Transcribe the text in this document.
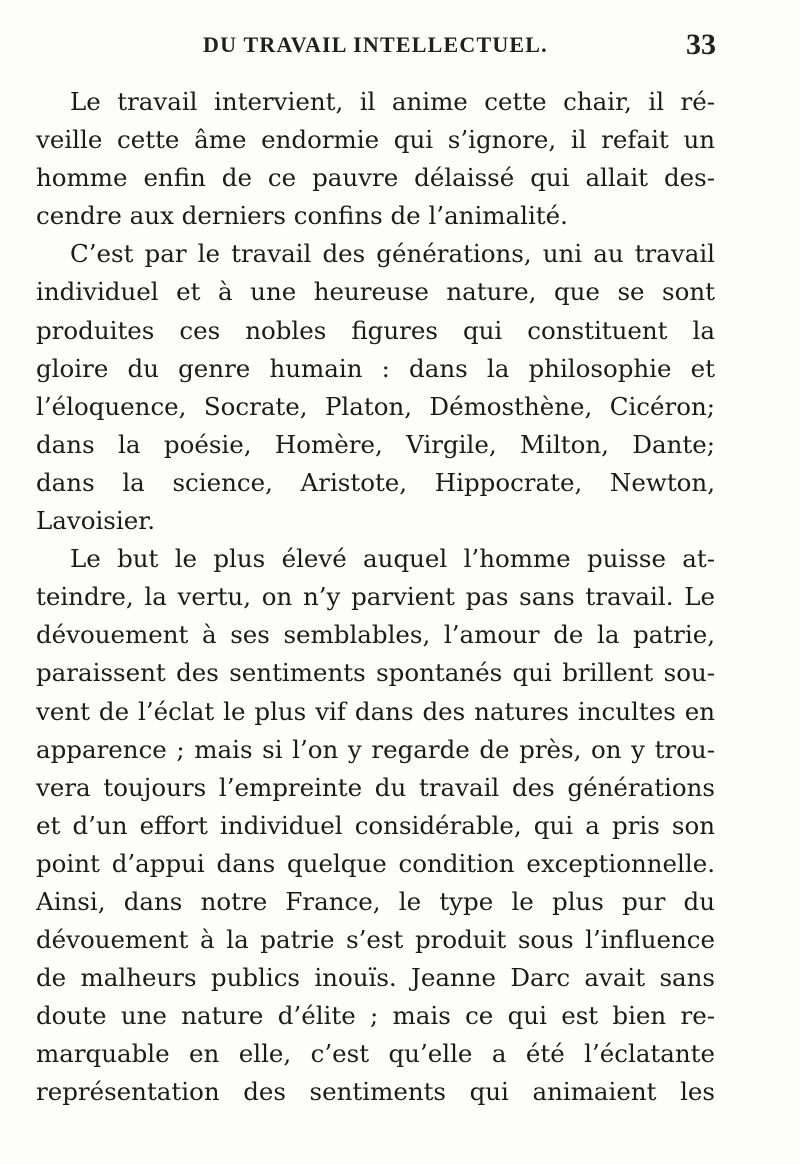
DU TRAVAIL INTELLECTUEL.	33
Le travail intervient, il anime cette chair, il ré-
veille cette âme endormie qui s’ignore, il refait un
homme enfin de ce pauvre délaissé qui allait des-
cendre aux derniers confins de l’animalité.
C’est par le travail des générations, uni au travail
individuel et à une heureuse nature, que se sont
produites ces nobles figures qui constituent la
gloire du genre humain : dans la philosophie et
l’éloquence, Socrate, Platon, Démosthène, Cicéron;
dans la poésie, Homère, Virgile, Milton, Dante;
dans la science, Aristote, Hippocrate, Newton,
Lavoisier.
Le but le plus élevé auquel l’homme puisse at-
teindre, la vertu, on n’y parvient pas sans travail. Le
dévouement à ses semblables, l’amour de la patrie,
paraissent des sentiments spontanés qui brillent sou-
vent de l’éclat le plus vif dans des natures incultes en
apparence ; mais si l’on y regarde de près, on y trou-
vera toujours l’empreinte du travail des générations
et d’un effort individuel considérable, qui a pris son
point d’appui dans quelque condition exceptionnelle.
Ainsi, dans notre France, le type le plus pur du
dévouement à la patrie s’est produit sous l’influence
de malheurs publics inouïs. Jeanne Darc avait sans
doute une nature d’élite ; mais ce qui est bien re-
marquable en elle, c’est qu’elle a été l’éclatante
représentation des sentiments qui animaient les
